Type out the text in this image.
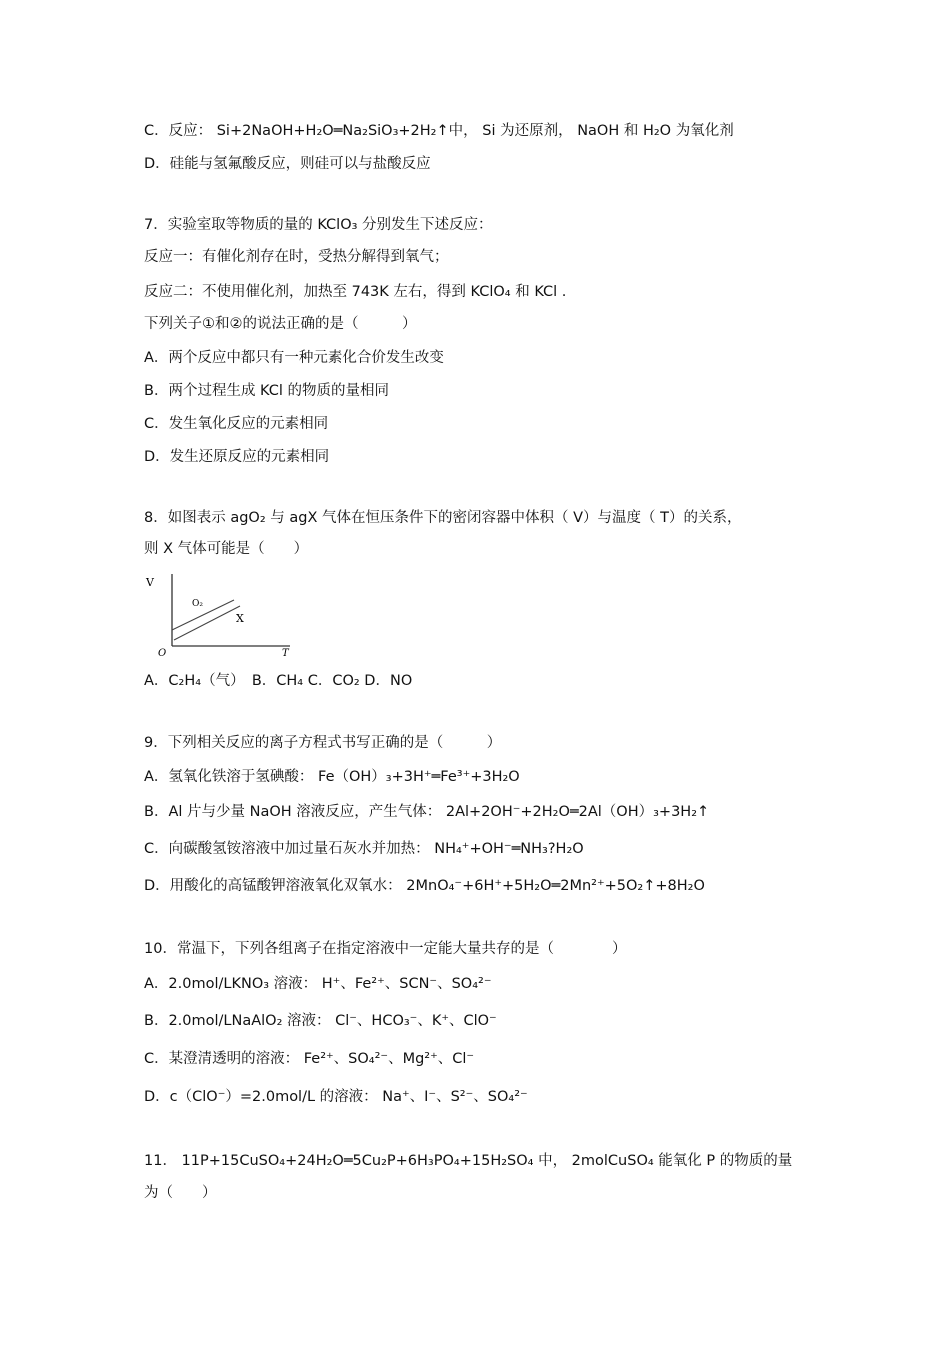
C．反应： Si+2NaOH+H₂O═Na₂SiO₃+2H₂↑中， Si 为还原剂， NaOH 和 H₂O 为氧化剂
D．硅能与氢氟酸反应，则硅可以与盐酸反应
7．实验室取等物质的量的 KClO₃ 分别发生下述反应：
反应一：有催化剂存在时，受热分解得到氧气；
反应二：不使用催化剂，加热至 743K 左右，得到 KClO₄ 和 KCl .
下列关子①和②的说法正确的是（　　　）
A．两个反应中都只有一种元素化合价发生改变
B．两个过程生成 KCl 的物质的量相同
C．发生氧化反应的元素相同
D．发生还原反应的元素相同
8．如图表示 agO₂ 与 agX 气体在恒压条件下的密闭容器中体积（ V）与温度（ T）的关系，
则 X 气体可能是（　　）
V
T
O
O₂
X
A．C₂H₄（气）　B．CH₄ C．CO₂ D．NO
9．下列相关反应的离子方程式书写正确的是（　　　）
A．氢氧化铁溶于氢碘酸： Fe（OH）₃+3H⁺═Fe³⁺+3H₂O
B．Al 片与少量 NaOH 溶液反应，产生气体： 2Al+2OH⁻+2H₂O═2Al（OH）₃+3H₂↑
C．向碳酸氢铵溶液中加过量石灰水并加热： NH₄⁺+OH⁻═NH₃?H₂O
D．用酸化的高锰酸钾溶液氧化双氧水： 2MnO₄⁻+6H⁺+5H₂O═2Mn²⁺+5O₂↑+8H₂O
10．常温下，下列各组离子在指定溶液中一定能大量共存的是（　　　　）
A．2.0mol/LKNO₃ 溶液： H⁺、Fe²⁺、SCN⁻、SO₄²⁻
B．2.0mol/LNaAlO₂ 溶液： Cl⁻、HCO₃⁻、K⁺、ClO⁻
C．某澄清透明的溶液： Fe²⁺、SO₄²⁻、Mg²⁺、Cl⁻
D．c（ClO⁻）=2.0mol/L 的溶液： Na⁺、I⁻、S²⁻、SO₄²⁻
11． 11P+15CuSO₄+24H₂O═5Cu₂P+6H₃PO₄+15H₂SO₄ 中， 2molCuSO₄ 能氧化 P 的物质的量
为（　　）
